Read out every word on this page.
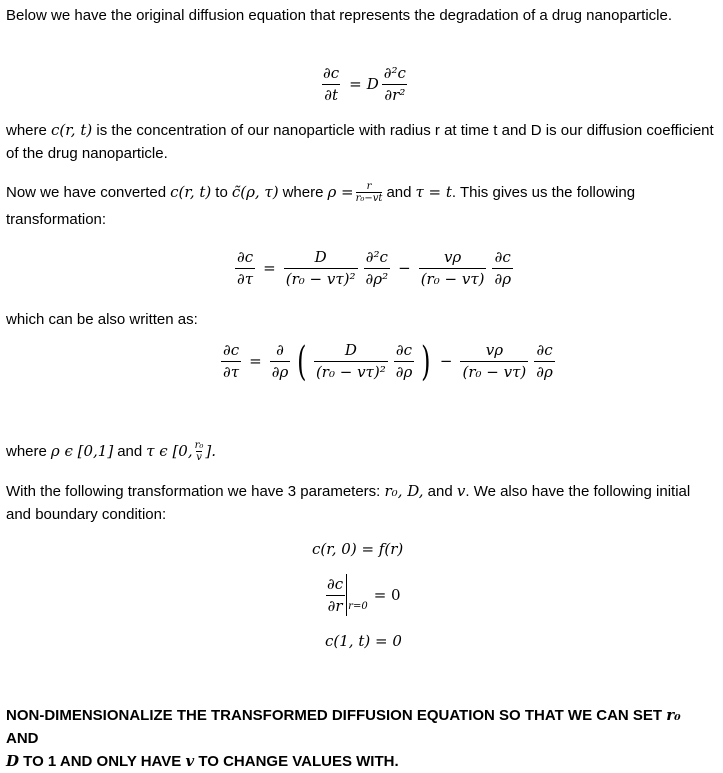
Below we have the original diffusion equation that represents the degradation of a drug nanoparticle.
$\frac{\partial c}{\partial t} = D \frac{\text{∂²c}}{\text{∂r²}}$
where c(r, t) is the concentration of our nanoparticle with radius r at time t and D is our diffusion coefficient of the drug nanoparticle.
Now we have converted c(r, t) to c̃(ρ, τ) where $\rho = \frac{r}{\text{r₀−vt}}$ and τ = t . This gives us the following
transformation:
$\frac{\partial c}{\partial\tau} = \frac{D}{\text{(r₀ − vτ)²}} \frac{\text{∂²c}}{\text{∂ρ²}} - \frac{v\rho}{\text{(r₀ − vτ)}} \frac{\partial c}{\partial\rho}$
which can be also written as:
$\frac{\partial c}{\partial\tau} = \frac{\partial}{\partial\rho}$ ( $\frac{D}{\text{(r₀ − vτ)²}} \frac{\partial c}{\partial\rho}$ ) − $\frac{v\rho}{\text{(r₀ − vτ)}} \frac{\partial c}{\partial\rho}$
where ρ ϵ [0,1] and τ ϵ [0, $\frac{\text{r₀}}{v}$ ].
With the following transformation we have 3 parameters: r₀, D, and v. We also have the following initial and boundary condition:
c(r, 0) = f(r)
$\frac{\partial c}{\partial r} r=0$
= 0
c(1, t) = 0
NON-DIMENSIONALIZE THE TRANSFORMED DIFFUSION EQUATION SO THAT WE CAN SET r₀ AND
D TO 1 AND ONLY HAVE v TO CHANGE VALUES WITH.
